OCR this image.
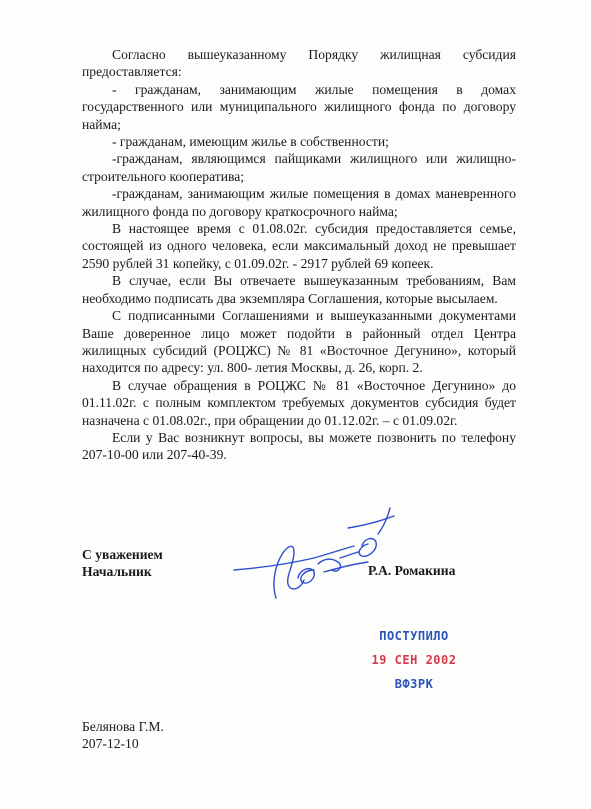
Согласно вышеуказанному Порядку жилищная субсидия предоставляется:

- гражданам, занимающим жилые помещения в домах государственного или муниципального жилищного фонда по договору найма;

- гражданам, имеющим жилье в собственности;

-гражданам, являющимся пайщиками жилищного или жилищно-строительного кооператива;

-гражданам, занимающим жилые помещения в домах маневренного жилищного фонда по договору краткосрочного найма;

В настоящее время с 01.08.02г. субсидия предоставляется семье, состоящей из одного человека, если максимальный доход не превышает 2590 рублей 31 копейку, с 01.09.02г. - 2917 рублей 69 копеек.

В случае, если Вы отвечаете вышеуказанным требованиям, Вам необходимо подписать два экземпляра Соглашения, которые высылаем.

С подписанными Соглашениями и вышеуказанными документами Ваше доверенное лицо может подойти в районный отдел Центра жилищных субсидий (РОЦЖС) № 81 «Восточное Дегунино», который находится по адресу: ул. 800- летия Москвы, д. 26, корп. 2.

В случае обращения в РОЦЖС № 81 «Восточное Дегунино» до 01.11.02г. с полным комплектом требуемых документов субсидия будет назначена с 01.08.02г., при обращении до 01.12.02г. – с 01.09.02г.

Если у Вас возникнут вопросы, вы можете позвонить по телефону 207-10-00 или 207-40-39.

С уважением
Начальник	Р.А. Ромакина
ПОСТУПИЛО
19 СЕН 2002
ВФЗРК
Белянова Г.М.
207-12-10
